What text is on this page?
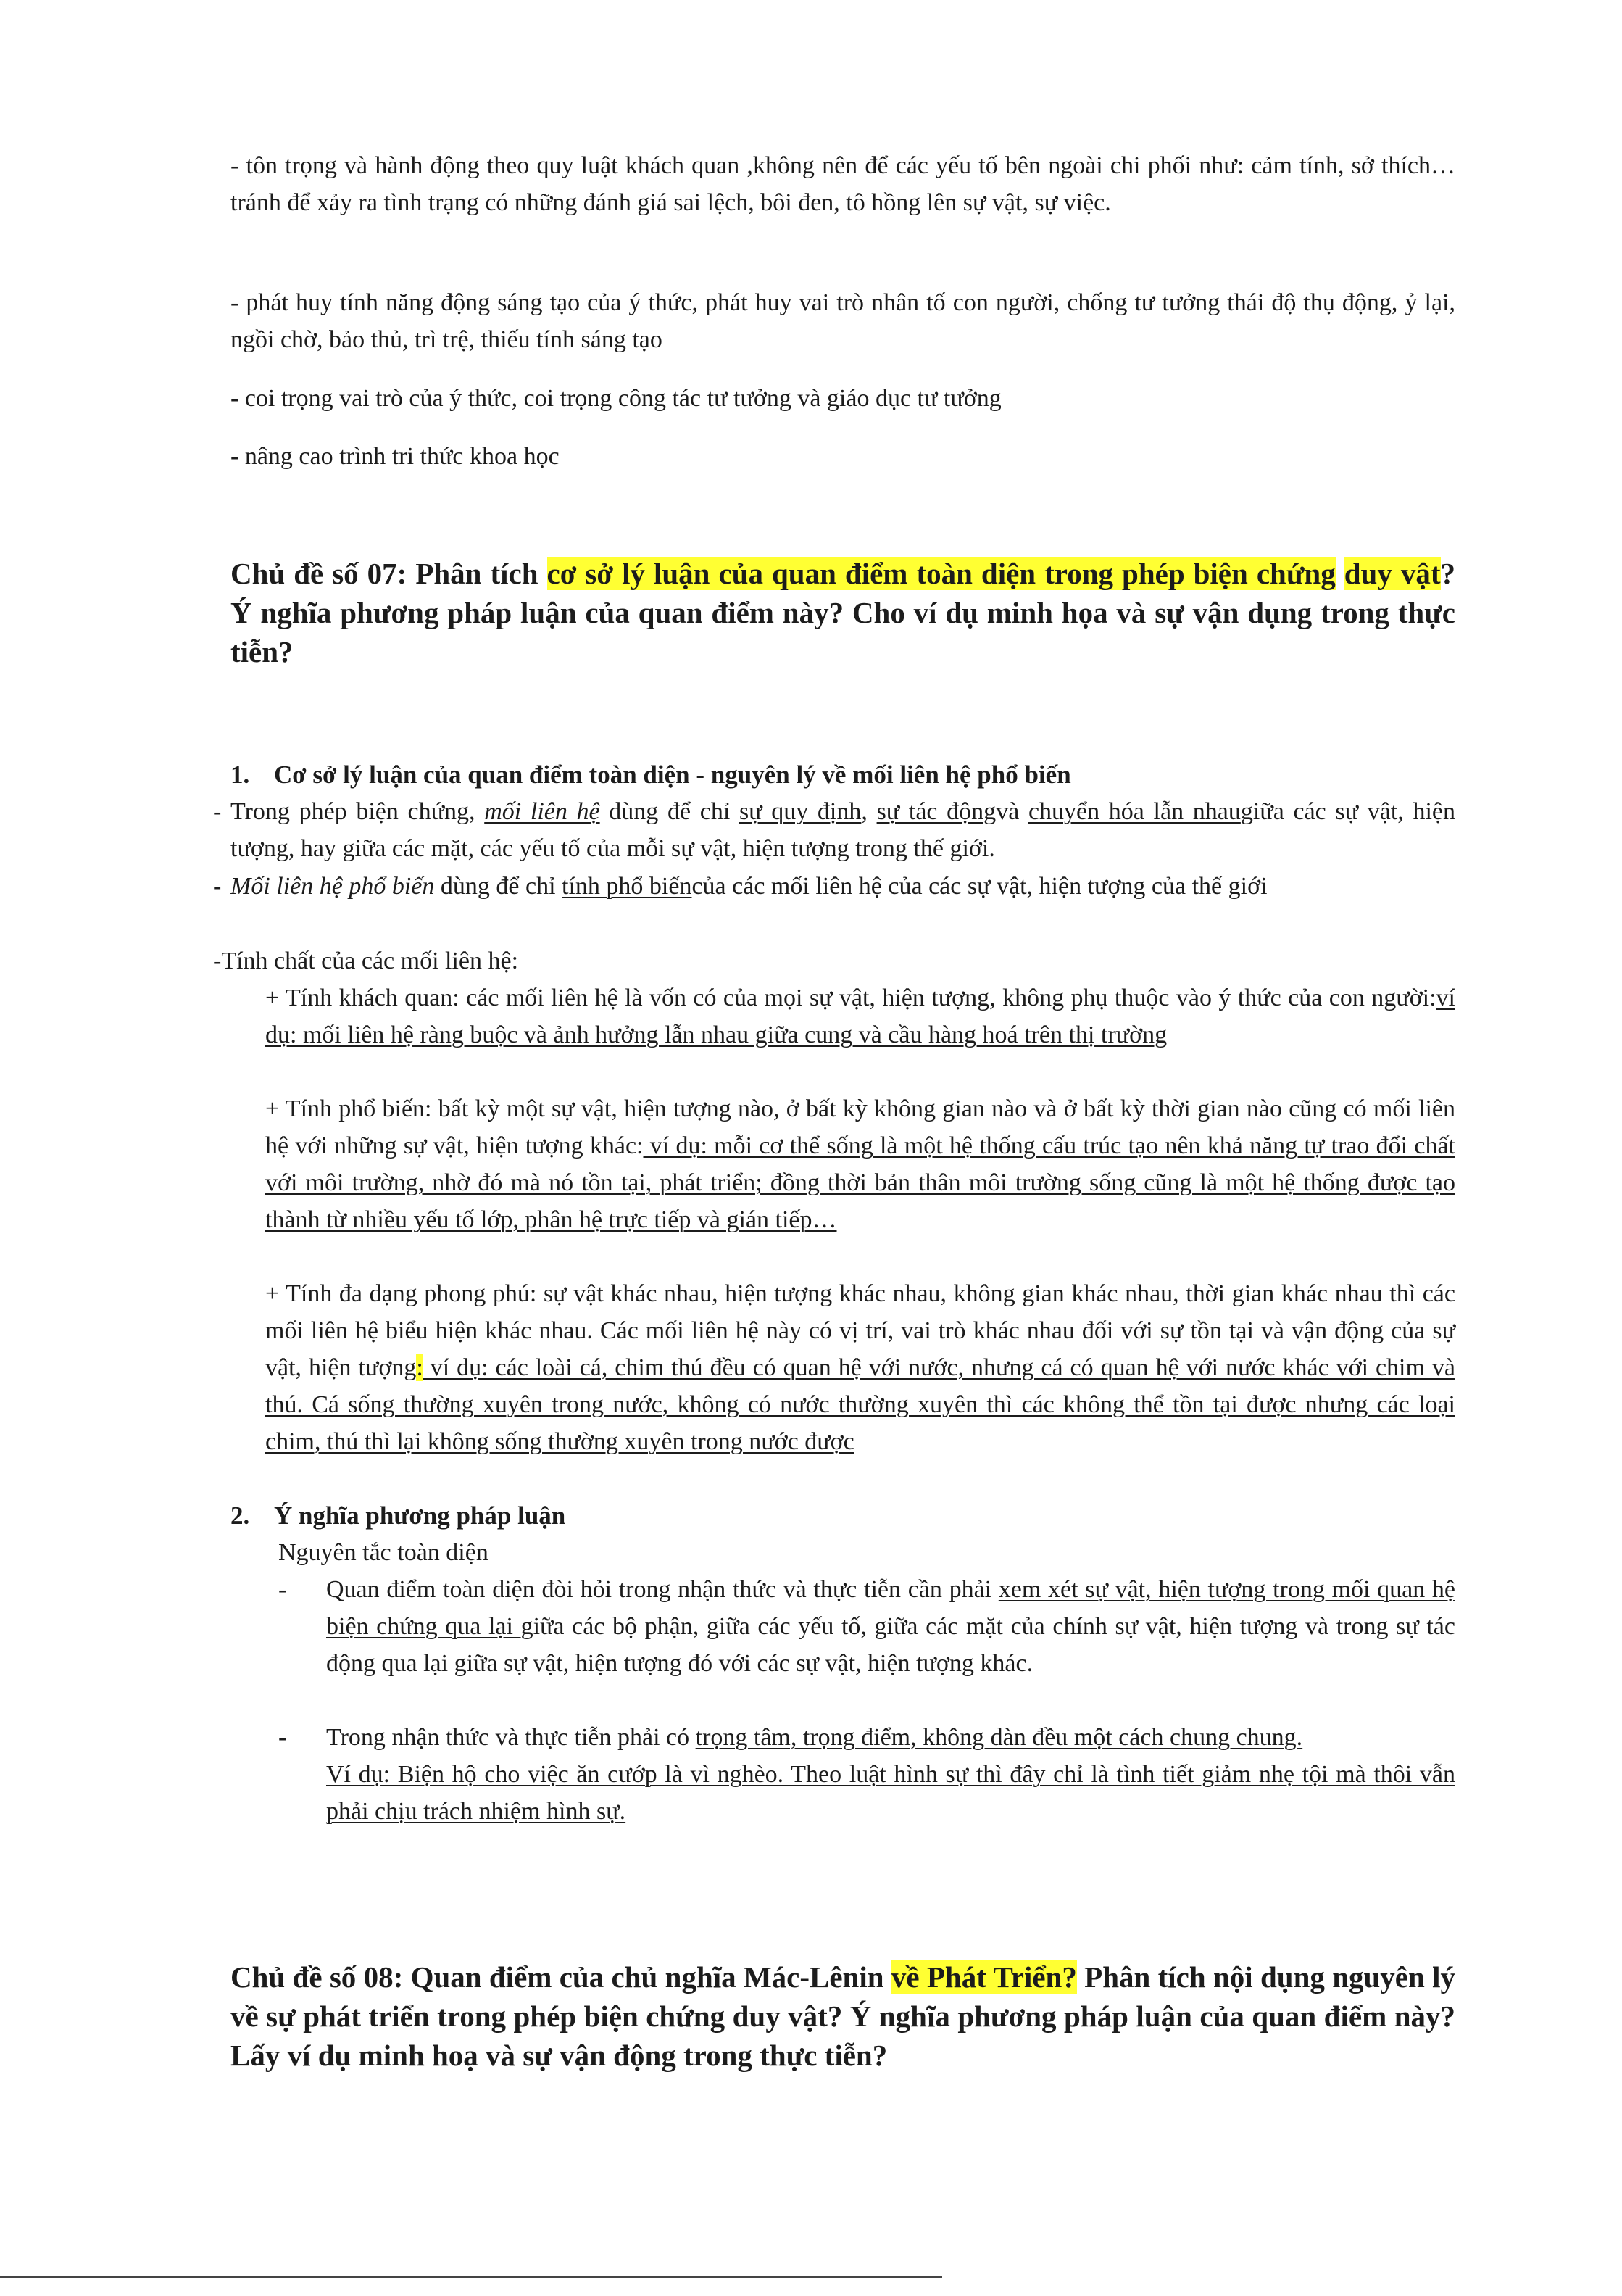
- tôn trọng và hành động theo quy luật khách quan ,không nên để các yếu tố bên ngoài chi phối như: cảm tính, sở thích… tránh để xảy ra tình trạng có những đánh giá sai lệch, bôi đen, tô hồng lên sự vật, sự việc.
- phát huy tính năng động sáng tạo của ý thức, phát huy vai trò nhân tố con người, chống tư tưởng thái độ thụ động, ỷ lại, ngồi chờ, bảo thủ, trì trệ, thiếu tính sáng tạo
- coi trọng vai trò của ý thức, coi trọng công tác tư tưởng và giáo dục tư tưởng
- nâng cao trình tri thức khoa học
Chủ đề số 07: Phân tích cơ sở lý luận của quan điểm toàn diện trong phép biện chứng duy vật? Ý nghĩa phương pháp luận của quan điểm này? Cho ví dụ minh họa và sự vận dụng trong thực tiễn?
1. Cơ sở lý luận của quan điểm toàn diện - nguyên lý về mối liên hệ phổ biến
- Trong phép biện chứng, mối liên hệ dùng để chỉ sự quy định, sự tác độngvà chuyển hóa lẫn nhaugiữa các sự vật, hiện tượng, hay giữa các mặt, các yếu tố của mỗi sự vật, hiện tượng trong thế giới.
- Mối liên hệ phổ biến dùng để chỉ tính phổ biếncủa các mối liên hệ của các sự vật, hiện tượng của thế giới
-Tính chất của các mối liên hệ:
+ Tính khách quan: các mối liên hệ là vốn có của mọi sự vật, hiện tượng, không phụ thuộc vào ý thức của con người:ví dụ: mối liên hệ ràng buộc và ảnh hưởng lẫn nhau giữa cung và cầu hàng hoá trên thị trường
+ Tính phổ biến: bất kỳ một sự vật, hiện tượng nào, ở bất kỳ không gian nào và ở bất kỳ thời gian nào cũng có mối liên hệ với những sự vật, hiện tượng khác: ví dụ: mỗi cơ thể sống là một hệ thống cấu trúc tạo nên khả năng tự trao đổi chất với môi trường, nhờ đó mà nó tồn tại, phát triển; đồng thời bản thân môi trường sống cũng là một hệ thống được tạo thành từ nhiều yếu tố lớp, phân hệ trực tiếp và gián tiếp…
+ Tính đa dạng phong phú: sự vật khác nhau, hiện tượng khác nhau, không gian khác nhau, thời gian khác nhau thì các mối liên hệ biểu hiện khác nhau. Các mối liên hệ này có vị trí, vai trò khác nhau đối với sự tồn tại và vận động của sự vật, hiện tượng: ví dụ: các loài cá, chim thú đều có quan hệ với nước, nhưng cá có quan hệ với nước khác với chim và thú. Cá sống thường xuyên trong nước, không có nước thường xuyên thì các không thể tồn tại được nhưng các loại chim, thú thì lại không sống thường xuyên trong nước được
2. Ý nghĩa phương pháp luận
Nguyên tắc toàn diện
-	Quan điểm toàn diện đòi hỏi trong nhận thức và thực tiễn cần phải xem xét sự vật, hiện tượng trong mối quan hệ biện chứng qua lại giữa các bộ phận, giữa các yếu tố, giữa các mặt của chính sự vật, hiện tượng và trong sự tác động qua lại giữa sự vật, hiện tượng đó với các sự vật, hiện tượng khác.
-	Trong nhận thức và thực tiễn phải có trọng tâm, trọng điểm, không dàn đều một cách chung chung.
Ví dụ: Biện hộ cho việc ăn cướp là vì nghèo. Theo luật hình sự thì đây chỉ là tình tiết giảm nhẹ tội mà thôi vẫn phải chịu trách nhiệm hình sự.
Chủ đề số 08: Quan điểm của chủ nghĩa Mác-Lênin về Phát Triển? Phân tích nội dụng nguyên lý về sự phát triển trong phép biện chứng duy vật? Ý nghĩa phương pháp luận của quan điểm này? Lấy ví dụ minh hoạ và sự vận động trong thực tiễn?
